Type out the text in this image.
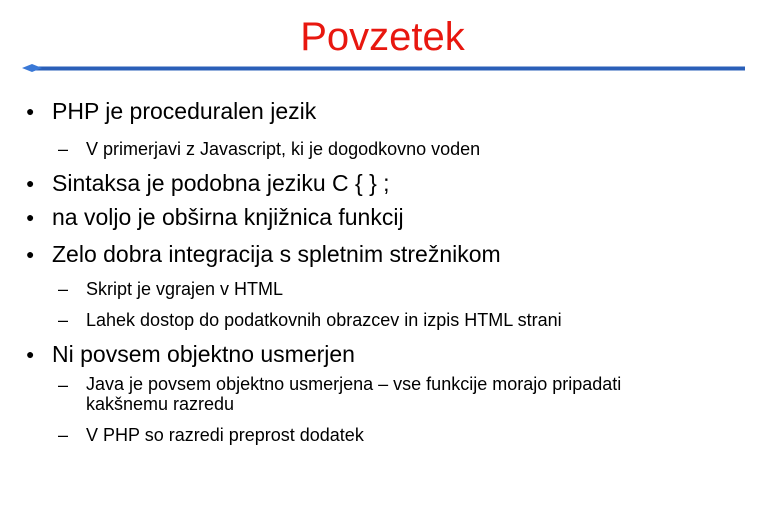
Povzetek
● PHP je proceduralen jezik
– V primerjavi z Javascript, ki je dogodkovno voden
● Sintaksa je podobna jeziku C { } ;
● na voljo je obširna knjižnica funkcij
● Zelo dobra integracija s spletnim strežnikom
– Skript je vgrajen v HTML
– Lahek dostop do podatkovnih obrazcev in izpis HTML strani
● Ni povsem objektno usmerjen
– Java je povsem objektno usmerjena – vse funkcije morajo pripadati kakšnemu razredu
– V PHP so razredi preprost dodatek
